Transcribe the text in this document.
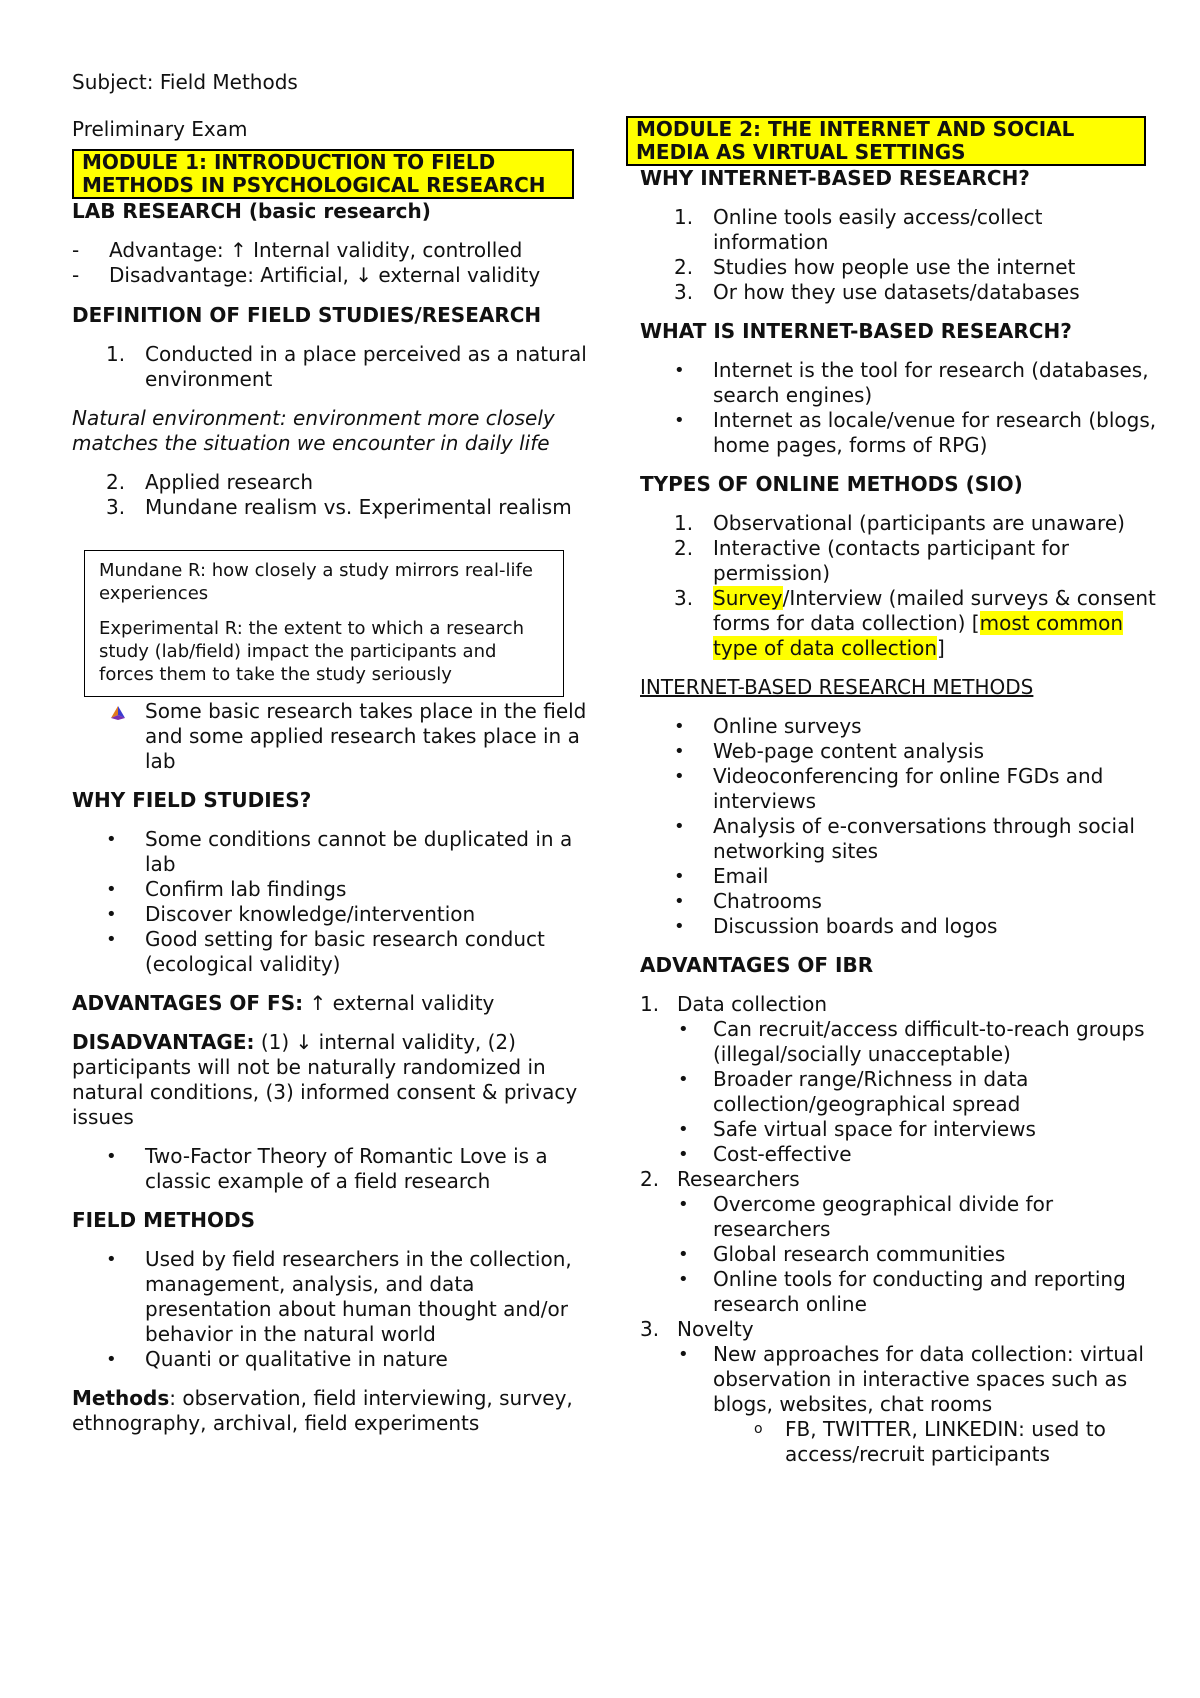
Subject: Field Methods

Preliminary Exam

MODULE 1: INTRODUCTION TO FIELD METHODS IN PSYCHOLOGICAL RESEARCH

LAB RESEARCH (basic research)

- Advantage: ↑ Internal validity, controlled
- Disadvantage: Artificial, ↓ external validity

DEFINITION OF FIELD STUDIES/RESEARCH

1. Conducted in a place perceived as a natural environment

Natural environment: environment more closely matches the situation we encounter in daily life

2. Applied research
3. Mundane realism vs. Experimental realism

Mundane R: how closely a study mirrors real-life experiences

Experimental R: the extent to which a research study (lab/field) impact the participants and forces them to take the study seriously

Some basic research takes place in the field and some applied research takes place in a lab

WHY FIELD STUDIES?

• Some conditions cannot be duplicated in a lab
• Confirm lab findings
• Discover knowledge/intervention
• Good setting for basic research conduct (ecological validity)

ADVANTAGES OF FS: ↑ external validity

DISADVANTAGE: (1) ↓ internal validity, (2) participants will not be naturally randomized in natural conditions, (3) informed consent & privacy issues

• Two-Factor Theory of Romantic Love is a classic example of a field research

FIELD METHODS

• Used by field researchers in the collection, management, analysis, and data presentation about human thought and/or behavior in the natural world
• Quanti or qualitative in nature

Methods: observation, field interviewing, survey, ethnography, archival, field experiments

MODULE 2: THE INTERNET AND SOCIAL MEDIA AS VIRTUAL SETTINGS

WHY INTERNET-BASED RESEARCH?

1. Online tools easily access/collect information
2. Studies how people use the internet
3. Or how they use datasets/databases

WHAT IS INTERNET-BASED RESEARCH?

• Internet is the tool for research (databases, search engines)
• Internet as locale/venue for research (blogs, home pages, forms of RPG)

TYPES OF ONLINE METHODS (SIO)

1. Observational (participants are unaware)
2. Interactive (contacts participant for permission)
3. Survey/Interview (mailed surveys & consent forms for data collection) [most common type of data collection]

INTERNET-BASED RESEARCH METHODS

• Online surveys
• Web-page content analysis
• Videoconferencing for online FGDs and interviews
• Analysis of e-conversations through social networking sites
• Email
• Chatrooms
• Discussion boards and logos

ADVANTAGES OF IBR

1. Data collection
• Can recruit/access difficult-to-reach groups (illegal/socially unacceptable)
• Broader range/Richness in data collection/geographical spread
• Safe virtual space for interviews
• Cost-effective
2. Researchers
• Overcome geographical divide for researchers
• Global research communities
• Online tools for conducting and reporting research online
3. Novelty
• New approaches for data collection: virtual observation in interactive spaces such as blogs, websites, chat rooms
o FB, TWITTER, LINKEDIN: used to access/recruit participants
